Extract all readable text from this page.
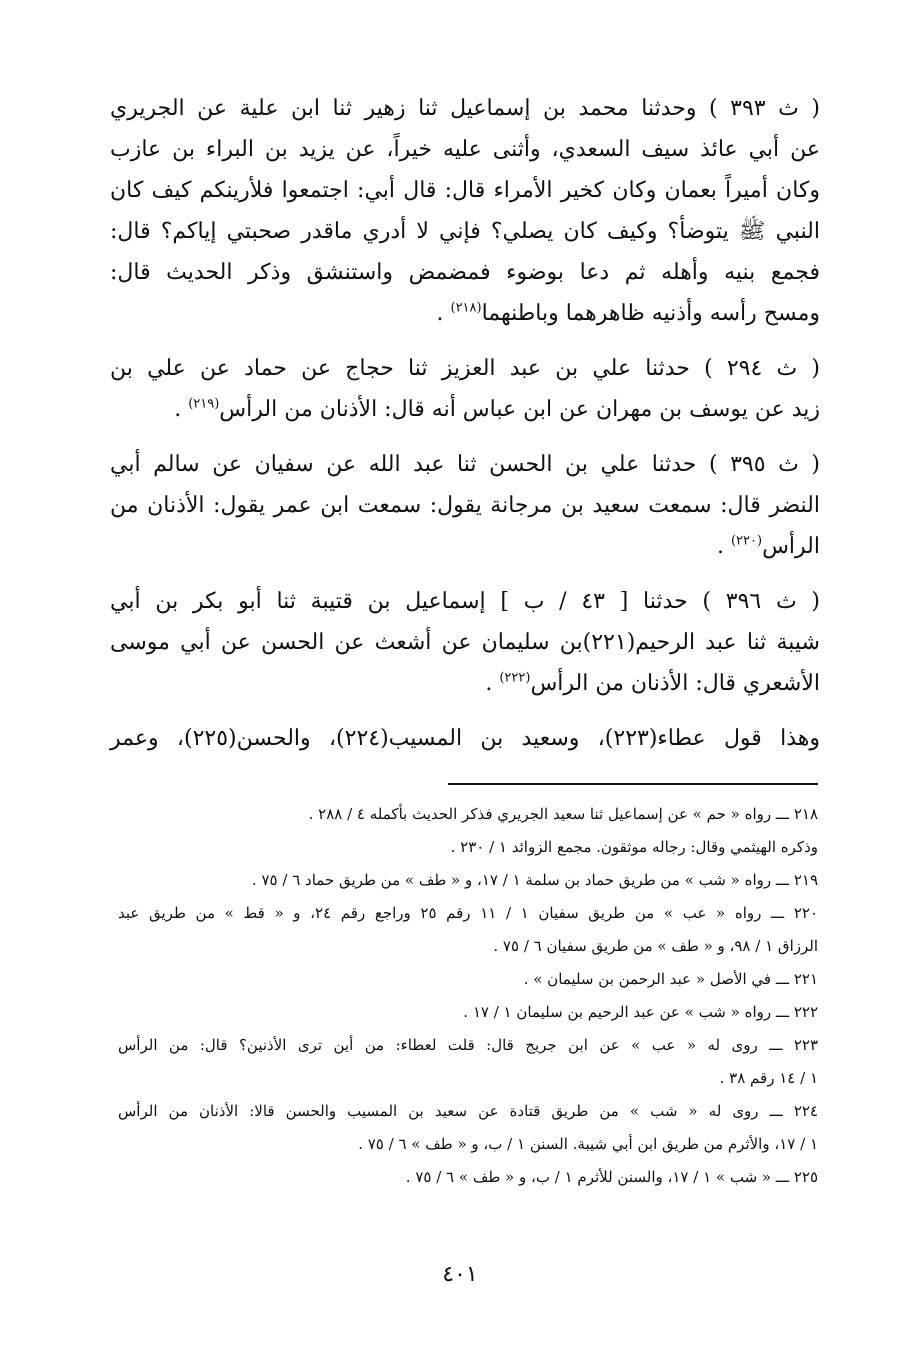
( ث ٣٩٣ ) وحدثنا محمد بن إسماعيل ثنا زهير ثنا ابن علية عن الجريري
عن أبي عائذ سيف السعدي، وأثنى عليه خيراً، عن يزيد بن البراء بن عازب
وكان أميراً بعمان وكان كخير الأمراء قال: قال أبي: اجتمعوا فلأرينكم كيف كان
النبي ﷺ يتوضأ؟ وكيف كان يصلي؟ فإني لا أدري ماقدر صحبتي إياكم؟ قال:
فجمع بنيه وأهله ثم دعا بوضوء فمضمض واستنشق وذكر الحديث قال:
ومسح رأسه وأذنيه ظاهرهما وباطنهما$^{(٢١٨)}$ .
( ث ٢٩٤ ) حدثنا علي بن عبد العزيز ثنا حجاج عن حماد عن علي بن
زيد عن يوسف بن مهران عن ابن عباس أنه قال: الأذنان من الرأس$^{(٢١٩)}$ .
( ث ٣٩٥ ) حدثنا علي بن الحسن ثنا عبد الله عن سفيان عن سالم أبي
النضر قال: سمعت سعيد بن مرجانة يقول: سمعت ابن عمر يقول: الأذنان من
الرأس$^{(٢٢٠)}$ .
( ث ٣٩٦ ) حدثنا [ ٤٣ / ب ] إسماعيل بن قتيبة ثنا أبو بكر بن أبي
شيبة ثنا عبد الرحيم(٢٢١)بن سليمان عن أشعث عن الحسن عن أبي موسى
الأشعري قال: الأذنان من الرأس$^{(٢٢٢)}$ .
وهذا قول عطاء(٢٢٣)، وسعيد بن المسيب(٢٢٤)، والحسن(٢٢٥)، وعمر
٢١٨ ـــ رواه « حم » عن إسماعيل ثنا سعيد الجريري فذكر الحديث بأكمله ٤ / ٢٨٨ .
وذكره الهيثمي وقال: رجاله موثقون. مجمع الزوائد ١ / ٢٣٠ .
٢١٩ ـــ رواه « شب » من طريق حماد بن سلمة ١ / ١٧، و « طف » من طريق حماد ٦ / ٧٥ .
٢٢٠ ـــ رواه « عب » من طريق سفيان ١ / ١١ رقم ٢٥ وراجع رقم ٢٤، و « قط » من طريق عبد
الرزاق ١ / ٩٨، و « طف » من طريق سفيان ٦ / ٧٥ .
٢٢١ ـــ في الأصل « عبد الرحمن بن سليمان » .
٢٢٢ ـــ رواه « شب » عن عبد الرحيم بن سليمان ١ / ١٧ .
٢٢٣ ـــ روى له « عب » عن ابن جريج قال: قلت لعطاء: من أين ترى الأذنين؟ قال: من الرأس
١ / ١٤ رقم ٣٨ .
٢٢٤ ـــ روى له « شب » من طريق قتادة عن سعيد بن المسيب والحسن قالا: الأذنان من الرأس
١ / ١٧، والأثرم من طريق ابن أبي شيبة. السنن ١ / ب، و « طف » ٦ / ٧٥ .
٢٢٥ ـــ « شب » ١ / ١٧، والسنن للأثرم ١ / ب، و « طف » ٦ / ٧٥ .
٤٠١
